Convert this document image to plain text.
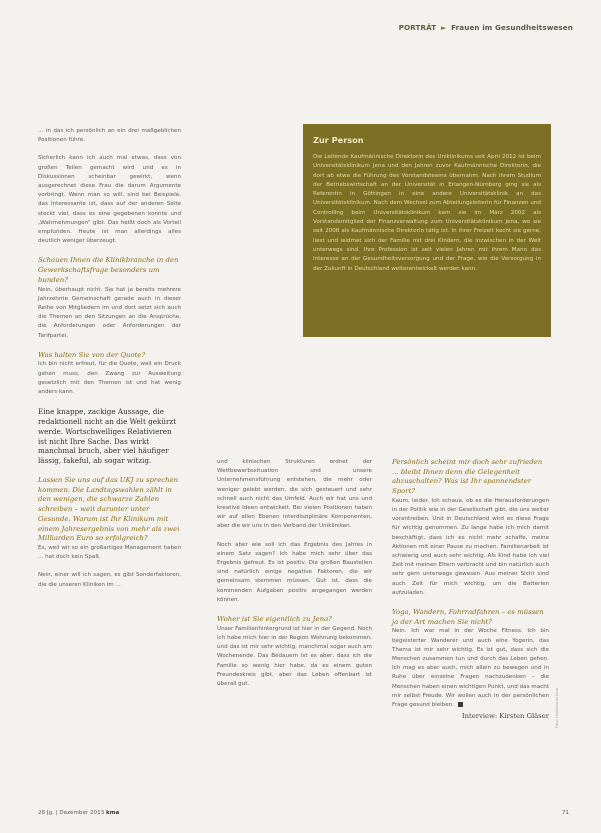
PORTRÄT ► Frauen im Gesundheitswesen

... in das ich persönlich an ein drei maßgeblichen Positionen führe.

Sicherlich kann ich auch mal etwas, dass von großen Teilen gemacht wird und es in Diskussionen scheinbar gewirkt, wenn ausgerechnet diese Frau die darum Argumente vorbringt. Wenn man so will, sind bei Beispiele, das Interessante ist, dass auf der anderen Seite steckt viel, dass es eine gegebenen konnte und „Wahrnehmungen“ gibt. Das heißt doch als Vorteil empfunden. Heute ist man allerdings alles deutlich weniger überzeugt.

Schauen Ihnen die Klinikbranche in den Gewerkschaftsfrage besonders um bunden?

Nein, überhaupt nicht. Sie hat ja bereits mehrere Jahrzehnte Gemeinschaft gerade auch in dieser Reihe von Mitgliedern im und dort setzt sich auch die Themen an den Sitzungen an die Ansprüche, die Anforderungen oder Anforderungen der Tarifpartei.

Was halten Sie von der Quote?

Ich bin nicht erfreut, für die Quote, weil ein Druck gehen muss, den Zwang zur Ausweitung gesetzlich mit den Themen ist und hat wenig anders kann.

Eine knappe, zackige Aussage, die redaktionell nicht an die Welt gekürzt werde. Wortschwelliges Relativieren ist nicht Ihre Sache. Das wirkt manchmal bruch, aber viel häufiger lässig, fakeful, ab sogar witzig.
Lassen Sie uns auf das UKJ zu sprechen kommen. Die Landtagswahlen zählt in den wenigen, die schwarze Zahlen schreiben – weit darunter unter Gesunde. Warum ist Ihr Klinikum mit einem Jahresergebnis von mehr als zwei Milliarden Euro so erfolgreich?

Es, weil wir so ein großartiges Management haben ... hat doch kein Spaß.

Nein, einer will ich sagen, es gibt Sonderfaktoren, die die unseren Kliniken im ...

Zur Person

Die Leitende Kaufmännische Direktorin des Uniklinikums seit April 2012 ist beim Universitätsklinikum Jena und den Jahren zuvor Kaufmännische Direktorin, die dort ab etwa die Führung des Vorstandsteams übernahm. Nach ihrem Studium der Betriebswirtschaft an der Universität in Erlangen-Nürnberg ging sie als Referentin in Göttingen in eine andere Universitätsklinik an das Universitätsklinikum. Nach dem Wechsel zum Abteilungsleiterin für Finanzen und Controlling beim Universitätsklinikum kam sie im März 2002 als Vorstandsmitglied der Finanzverwaltung zum Universitätsklinikum Jena, wo sie seit 2008 als Kaufmännische Direktorin tätig ist. In ihrer Freizeit kocht sie gerne, liest und widmet sich der Familie mit drei Kindern, die inzwischen in der Welt unterwegs sind. Ihre Profession ist seit vielen Jahren mit ihrem Mann das Interesse an der Gesundheitsversorgung und der Frage, wie die Versorgung in der Zukunft in Deutschland weiterentwickelt werden kann.

und klinischen Strukturen ordnet der Wettbewerbssituation und unsere Unternehmensführung entstehen, die mehr oder weniger gelebt werden, die sich gesteuert und sehr schnell auch nicht das Umfeld. Auch wir hat uns und kreative Ideen entwickelt. Bei vielen Positionen haben wir auf allen Ebenen interdisziplinäre Komponenten, aber die wir uns in den Verband der Unikliniken.

Noch aber wie soll ich das Ergebnis des Jahres in einem Satz sagen? Ich habe mich sehr über das Ergebnis gefreut. Es ist positiv. Die großen Baustellen sind natürlich einige negative Faktoren, die wir gemeinsam stemmen müssen. Gut ist, dass die kommenden Aufgaben positiv angegangen werden können.

Woher ist Sie eigentlich zu Jena?

Unser Familienhintergrund ist hier in der Gegend. Noch ich habe mich hier in der Region Wohnung bekommen, und das ist mir sehr wichtig, manchmal sogar auch am Wochenende. Das Bedauern ist es aber, dass ich die Familie so wenig hier habe, da es einem guten Freundeskreis gibt, aber das Leben offenbart ist überall gut.

Persönlich scheint mir doch sehr zufrieden ... bleibt Ihnen denn die Gelegenheit abzuschalten? Was ist Ihr spannendster Sport?

Kaum, leider. Ich schaue, ob es die Herausforderungen in der Politik wie in der Gesellschaft gibt, die uns weiter vorantreiben. Und in Deutschland wird es diese Frage für wichtig genommen. Zu lange habe ich mich damit beschäftigt, dass ich es nicht mehr schaffe, meine Aktionen mit einer Pause zu machen. Familienarbeit ist schwierig und auch sehr wichtig. Als Kind habe ich viel Zeit mit meinen Eltern verbracht und bin natürlich auch sehr gern unterwegs gewesen. Aus meiner Sicht sind auch Zeit für mich wichtig, um die Batterien aufzuladen.

Yoga, Wandern, Fahrradfahren – es müssen ja der Art machen Sie nicht?

Nein. Ich war mal in der Woche Fitness. Ich bin begeisterter Wanderer und auch eine Yogerin, das Thema ist mir sehr wichtig. Es ist gut, dass sich die Menschen zusammen tun und durch das Leben gehen. Ich mag es aber auch, mich allein zu bewegen und in Ruhe über einzelne Fragen nachzudenken – die Menschen haben einen wichtigen Punkt, und das macht mir selbst Freude. Wir wollen auch in der persönlichen Frage gesund bleiben.

Interview: Kirsten Gläser Foto: Uniklinikum Jena
28 Jg. | Dezember 2013 kma	71
